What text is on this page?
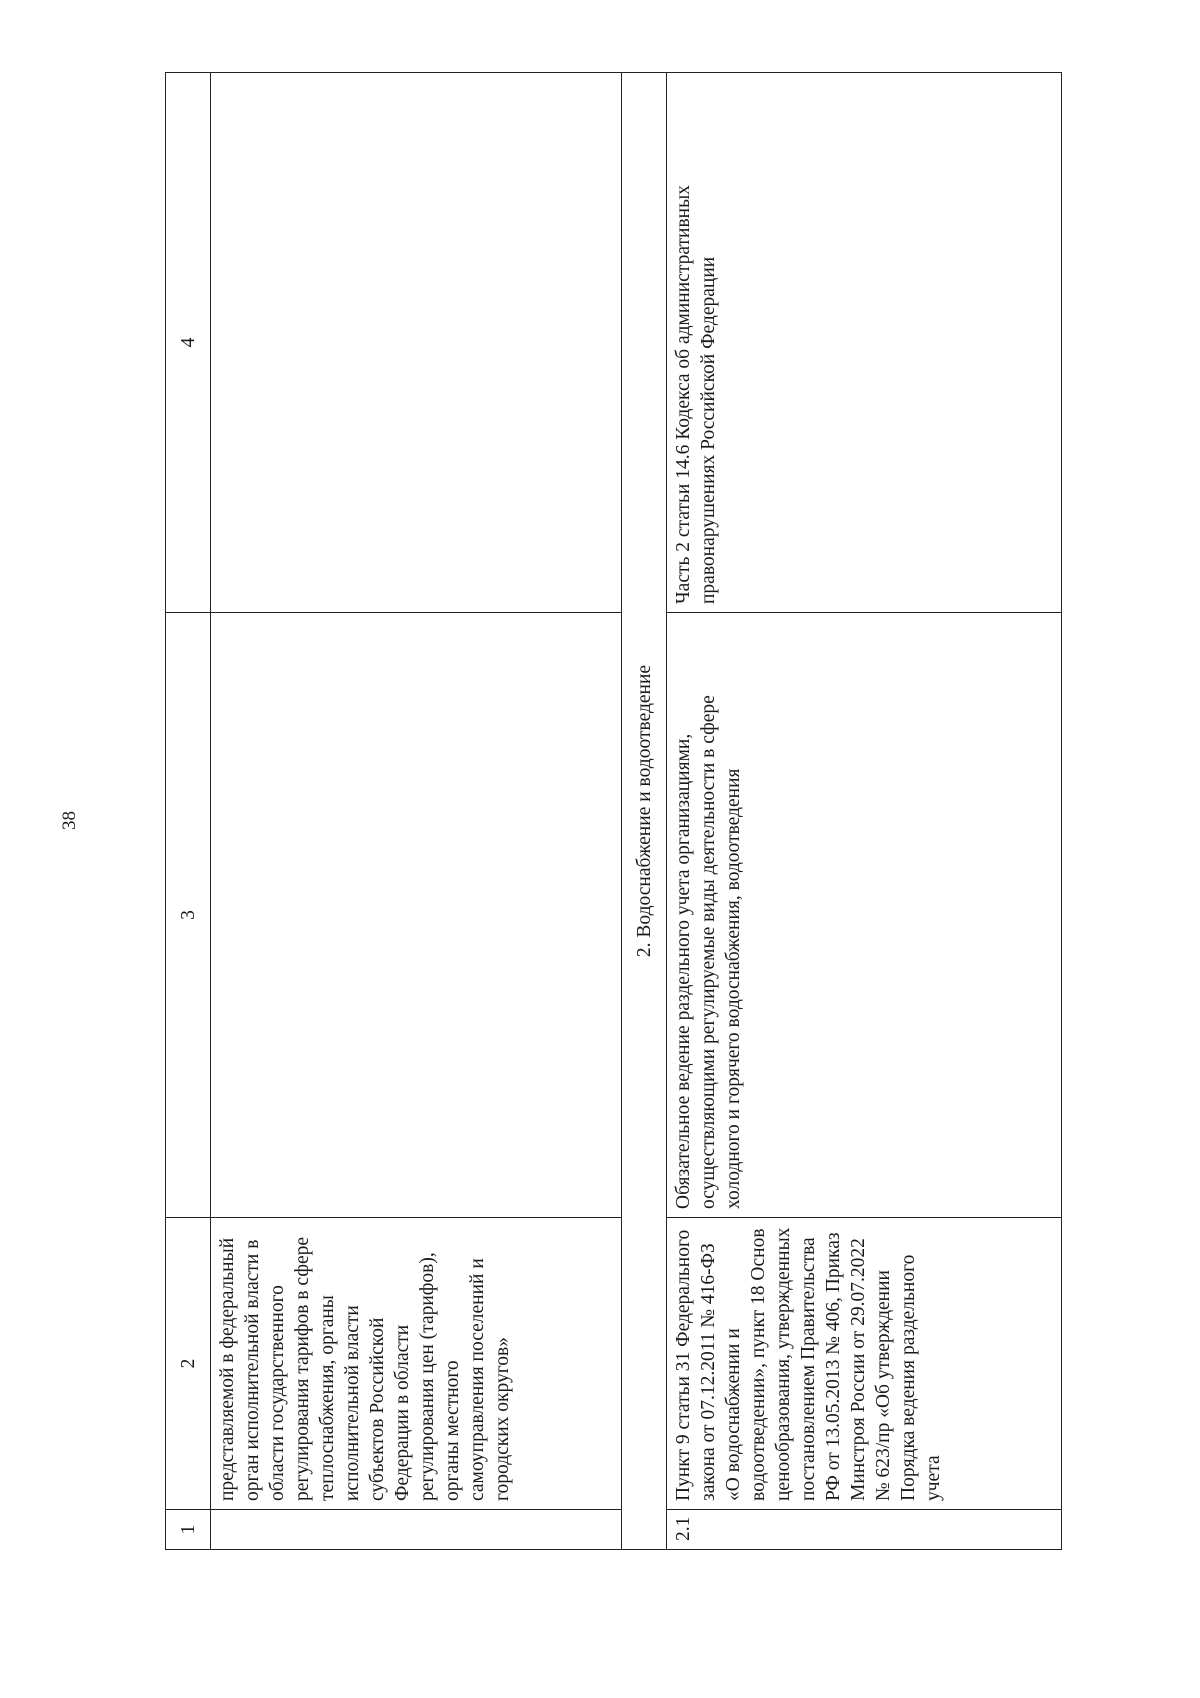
38
1	2	3	4
	представляемой в федеральный орган исполнительной власти в области государственного регулирования тарифов в сфере теплоснабжения, органы исполнительной власти субъектов Российской Федерации в области регулирования цен (тарифов), органы местного самоуправления поселений и городских округов»		
2. Водоснабжение и водоотведение			
2.1	Пункт 9 статьи 31 Федерального закона от 07.12.2011 № 416-ФЗ «О водоснабжении и водоотведении», пункт 18 Основ ценообразования, утвержденных постановлением Правительства РФ от 13.05.2013 № 406, Приказ Минстроя России от 29.07.2022 № 623/пр «Об утверждении Порядка ведения раздельного учета	Обязательное ведение раздельного учета организациями, осуществляющими регулируемые виды деятельности в сфере холодного и горячего водоснабжения, водоотведения	Часть 2 статьи 14.6 Кодекса об административных правонарушениях Российской Федерации
